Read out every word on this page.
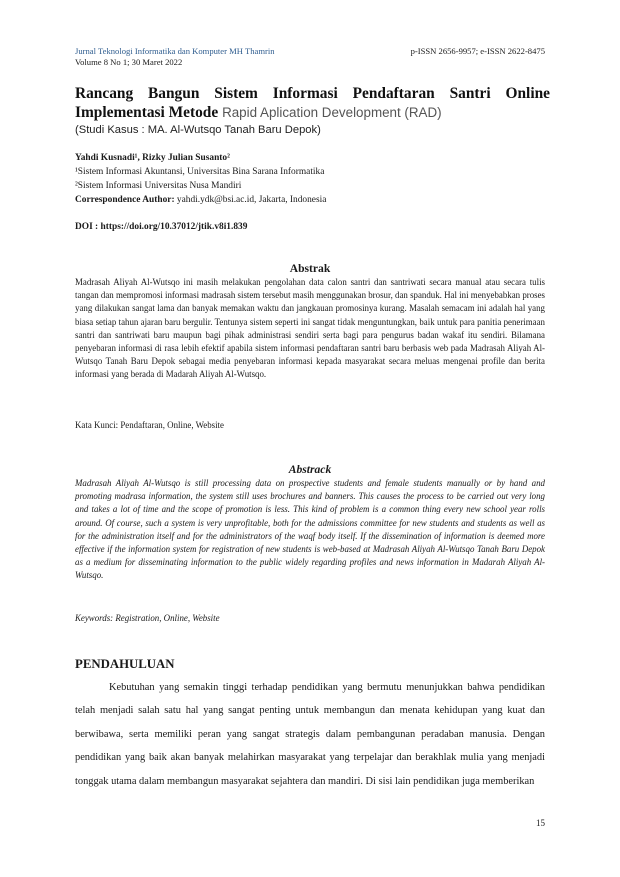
Jurnal Teknologi Informatika dan Komputer MH Thamrin
Volume 8 No 1; 30 Maret 2022
p-ISSN 2656-9957; e-ISSN 2622-8475
Rancang Bangun Sistem Informasi Pendaftaran Santri Online Implementasi Metode Rapid Aplication Development (RAD)
(Studi Kasus : MA. Al-Wutsqo Tanah Baru Depok)
Yahdi Kusnadi¹, Rizky Julian Susanto²
¹Sistem Informasi Akuntansi, Universitas Bina Sarana Informatika
²Sistem Informasi Universitas Nusa Mandiri
Correspondence Author: yahdi.ydk@bsi.ac.id, Jakarta, Indonesia
DOI : https://doi.org/10.37012/jtik.v8i1.839
Abstrak
Madrasah Aliyah Al-Wutsqo ini masih melakukan pengolahan data calon santri dan santriwati secara manual atau secara tulis tangan dan mempromosi informasi madrasah sistem tersebut masih menggunakan brosur, dan spanduk. Hal ini menyebabkan proses yang dilakukan sangat lama dan banyak memakan waktu dan jangkauan promosinya kurang. Masalah semacam ini adalah hal yang biasa setiap tahun ajaran baru bergulir. Tentunya sistem seperti ini sangat tidak menguntungkan, baik untuk para panitia penerimaan santri dan santriwati baru maupun bagi pihak administrasi sendiri serta bagi para pengurus badan wakaf itu sendiri. Bilamana penyebaran informasi di rasa lebih efektif apabila sistem informasi pendaftaran santri baru berbasis web pada Madrasah Aliyah Al-Wutsqo Tanah Baru Depok sebagai media penyebaran informasi kepada masyarakat secara meluas mengenai profile dan berita informasi yang berada di Madarah Aliyah Al-Wutsqo.
Kata Kunci: Pendaftaran, Online, Website
Abstrack
Madrasah Aliyah Al-Wutsqo is still processing data on prospective students and female students manually or by hand and promoting madrasa information, the system still uses brochures and banners. This causes the process to be carried out very long and takes a lot of time and the scope of promotion is less. This kind of problem is a common thing every new school year rolls around. Of course, such a system is very unprofitable, both for the admissions committee for new students and students as well as for the administration itself and for the administrators of the waqf body itself. If the dissemination of information is deemed more effective if the information system for registration of new students is web-based at Madrasah Aliyah Al-Wutsqo Tanah Baru Depok as a medium for disseminating information to the public widely regarding profiles and news information in Madarah Aliyah Al-Wutsqo.
Keywords: Registration, Online, Website
PENDAHULUAN
Kebutuhan yang semakin tinggi terhadap pendidikan yang bermutu menunjukkan bahwa pendidikan telah menjadi salah satu hal yang sangat penting untuk membangun dan menata kehidupan yang kuat dan berwibawa, serta memiliki peran yang sangat strategis dalam pembangunan peradaban manusia. Dengan pendidikan yang baik akan banyak melahirkan masyarakat yang terpelajar dan berakhlak mulia yang menjadi tonggak utama dalam membangun masyarakat sejahtera dan mandiri. Di sisi lain pendidikan juga memberikan
15
